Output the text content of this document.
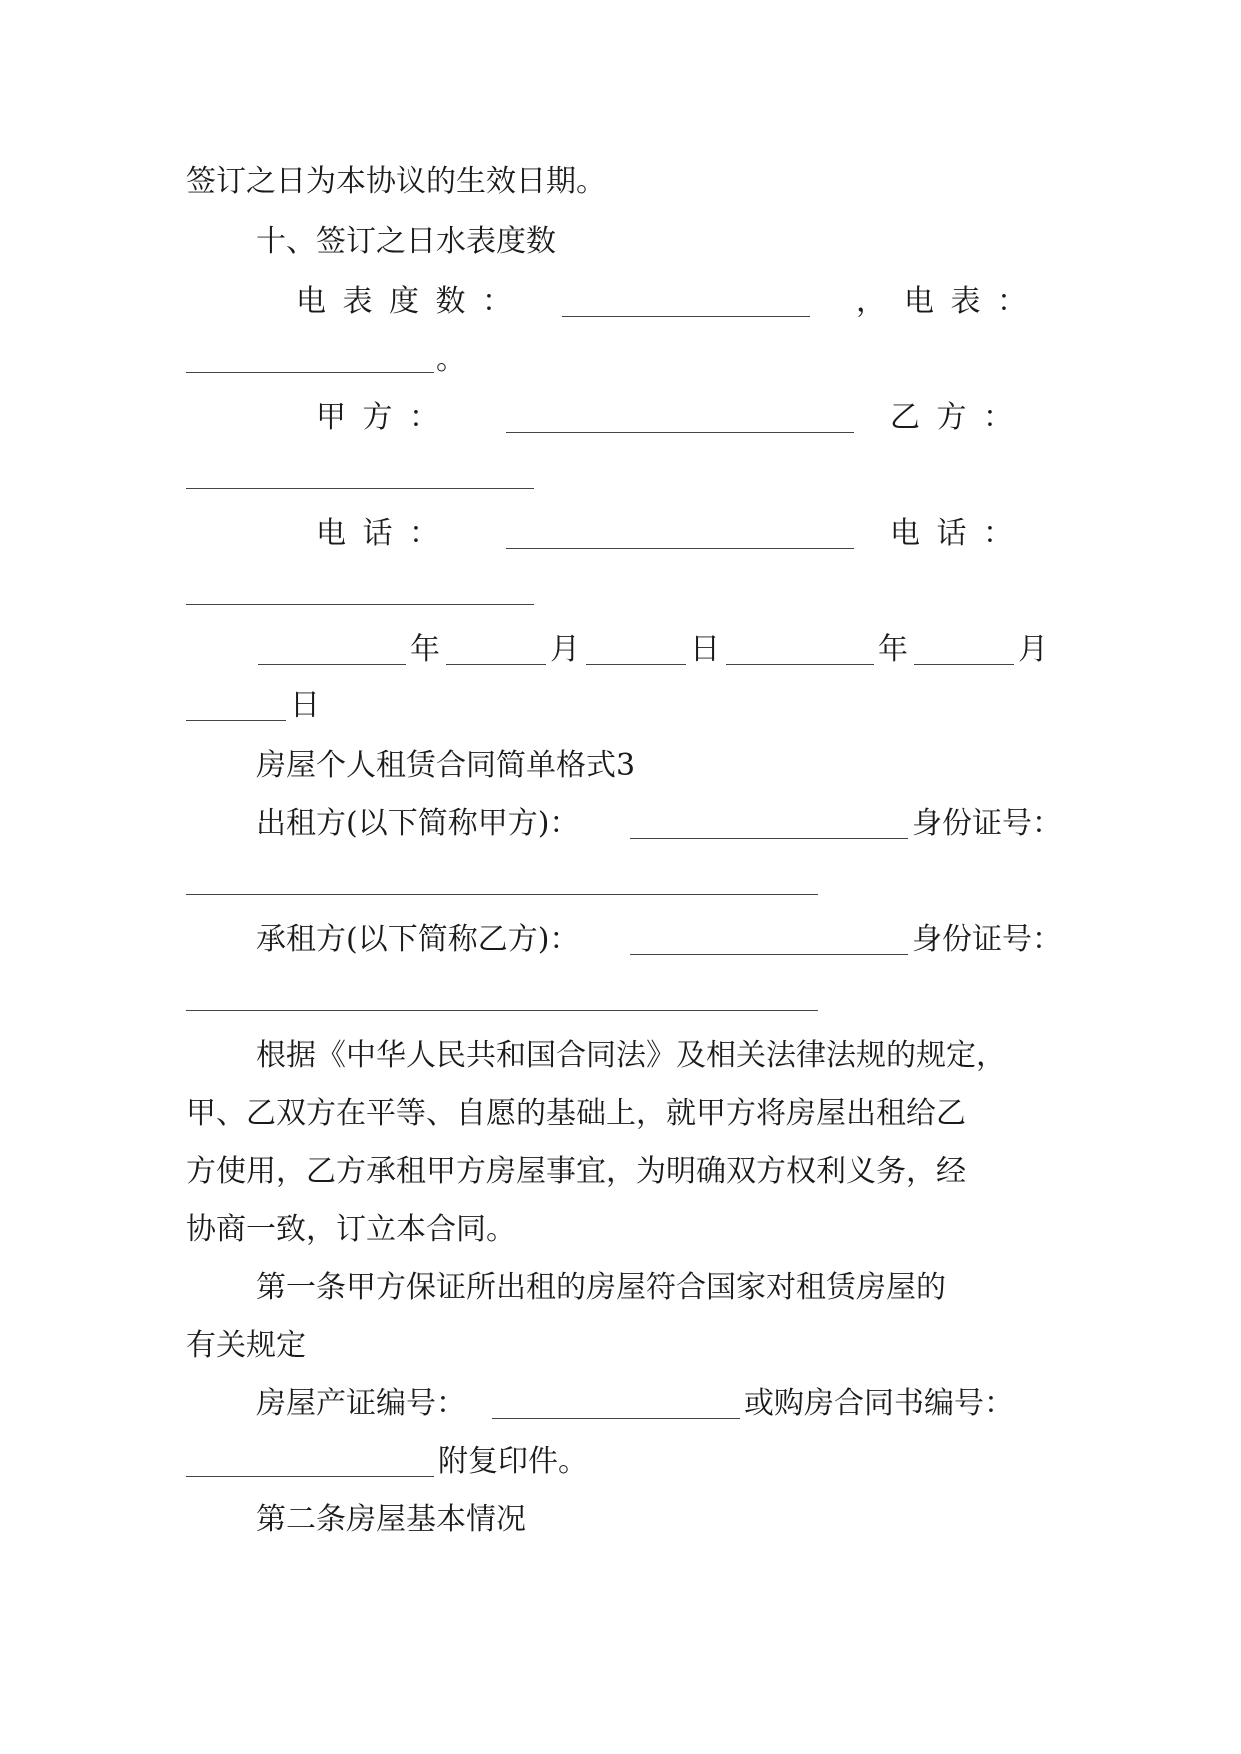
签订之日为本协议的生效日期。
十、签订之日水表度数
电表度数：	， 电表：
。
甲方：	乙方：
电话：	电话：
年	月	日	年	月
日
房屋个人租赁合同简单格式3
出租方(以下简称甲方)：	身份证号：
承租方(以下简称乙方)：	身份证号：
根据《中华人民共和国合同法》及相关法律法规的规定，
甲、乙双方在平等、自愿的基础上，就甲方将房屋出租给乙
方使用，乙方承租甲方房屋事宜，为明确双方权利义务，经
协商一致，订立本合同。
第一条甲方保证所出租的房屋符合国家对租赁房屋的
有关规定
房屋产证编号：	或购房合同书编号：
附复印件。
第二条房屋基本情况
